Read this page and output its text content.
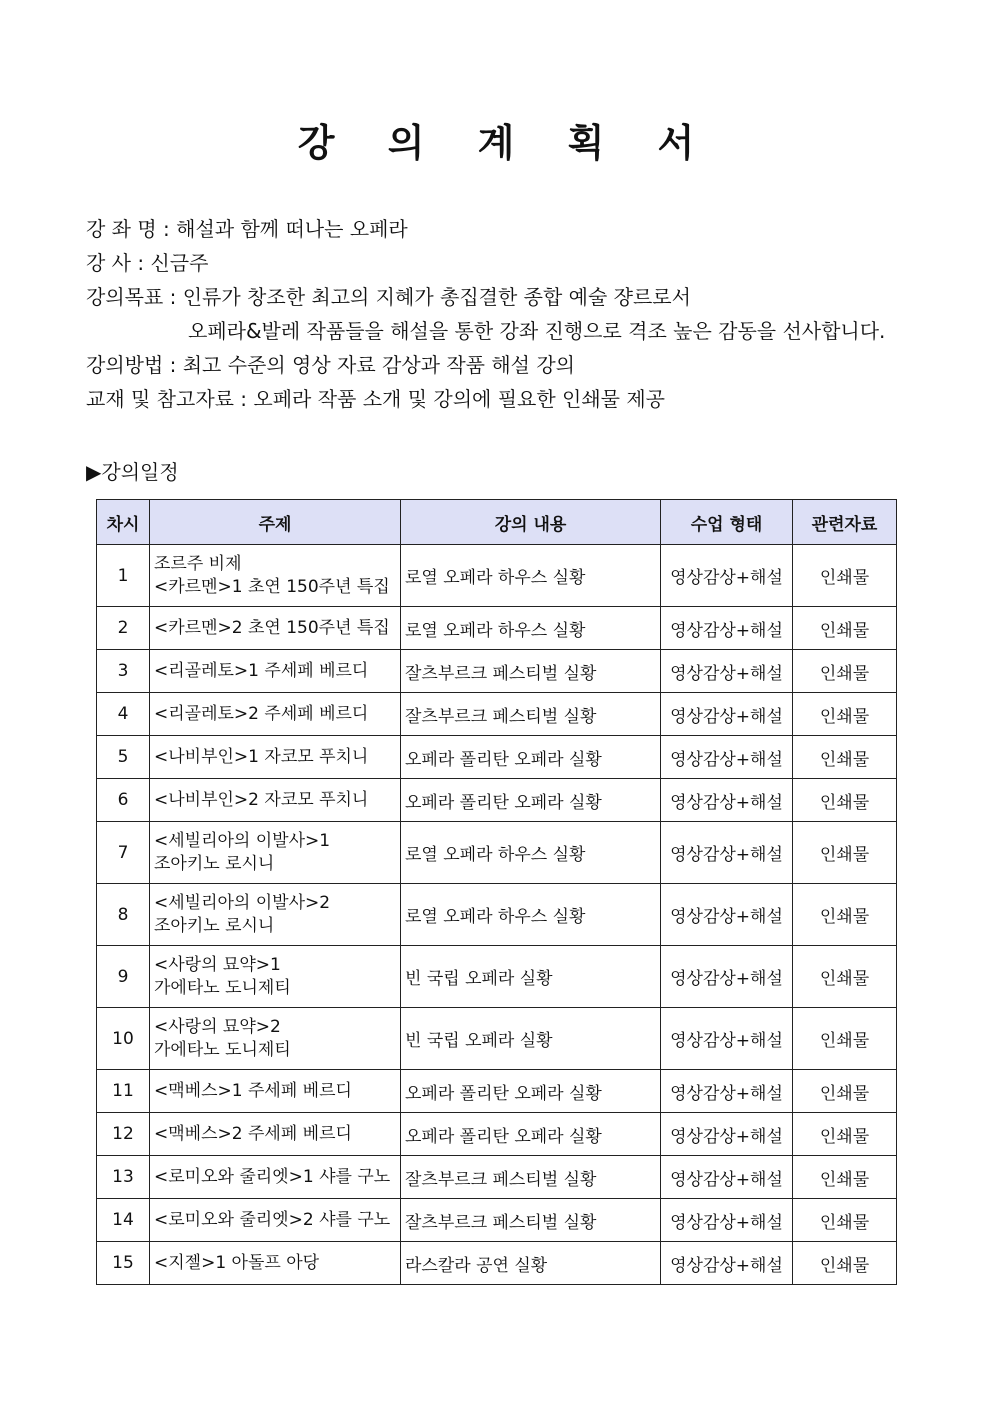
강 의 계 획 서
강 좌 명 : 해설과 함께 떠나는 오페라
강 사 : 신금주
강의목표 : 인류가 창조한 최고의 지혜가 총집결한 종합 예술 쟝르로서
오페라&발레 작품들을 해설을 통한 강좌 진행으로 격조 높은 감동을 선사합니다.
강의방법 : 최고 수준의 영상 자료 감상과 작품 해설 강의
교재 및 참고자료 : 오페라 작품 소개 및 강의에 필요한 인쇄물 제공
▶강의일정
차시	주제	강의 내용	수업 형태	관련자료
1	조르주 비제
<카르멘>1 초연 150주년 특집	로열 오페라 하우스 실황	영상감상+해설	인쇄물
2	<카르멘>2 초연 150주년 특집	로열 오페라 하우스 실황	영상감상+해설	인쇄물
3	<리골레토>1 주세페 베르디	잘츠부르크 페스티벌 실황	영상감상+해설	인쇄물
4	<리골레토>2 주세페 베르디	잘츠부르크 페스티벌 실황	영상감상+해설	인쇄물
5	<나비부인>1 자코모 푸치니	오페라 폴리탄 오페라 실황	영상감상+해설	인쇄물
6	<나비부인>2 자코모 푸치니	오페라 폴리탄 오페라 실황	영상감상+해설	인쇄물
7	<세빌리아의 이발사>1
조아키노 로시니	로열 오페라 하우스 실황	영상감상+해설	인쇄물
8	<세빌리아의 이발사>2
조아키노 로시니	로열 오페라 하우스 실황	영상감상+해설	인쇄물
9	<사랑의 묘약>1
가에타노 도니제티	빈 국립 오페라 실황	영상감상+해설	인쇄물
10	<사랑의 묘약>2
가에타노 도니제티	빈 국립 오페라 실황	영상감상+해설	인쇄물
11	<맥베스>1 주세페 베르디	오페라 폴리탄 오페라 실황	영상감상+해설	인쇄물
12	<맥베스>2 주세페 베르디	오페라 폴리탄 오페라 실황	영상감상+해설	인쇄물
13	<로미오와 줄리엣>1 샤를 구노	잘츠부르크 페스티벌 실황	영상감상+해설	인쇄물
14	<로미오와 줄리엣>2 샤를 구노	잘츠부르크 페스티벌 실황	영상감상+해설	인쇄물
15	<지젤>1 아돌프 아당	라스칼라 공연 실황	영상감상+해설	인쇄물
